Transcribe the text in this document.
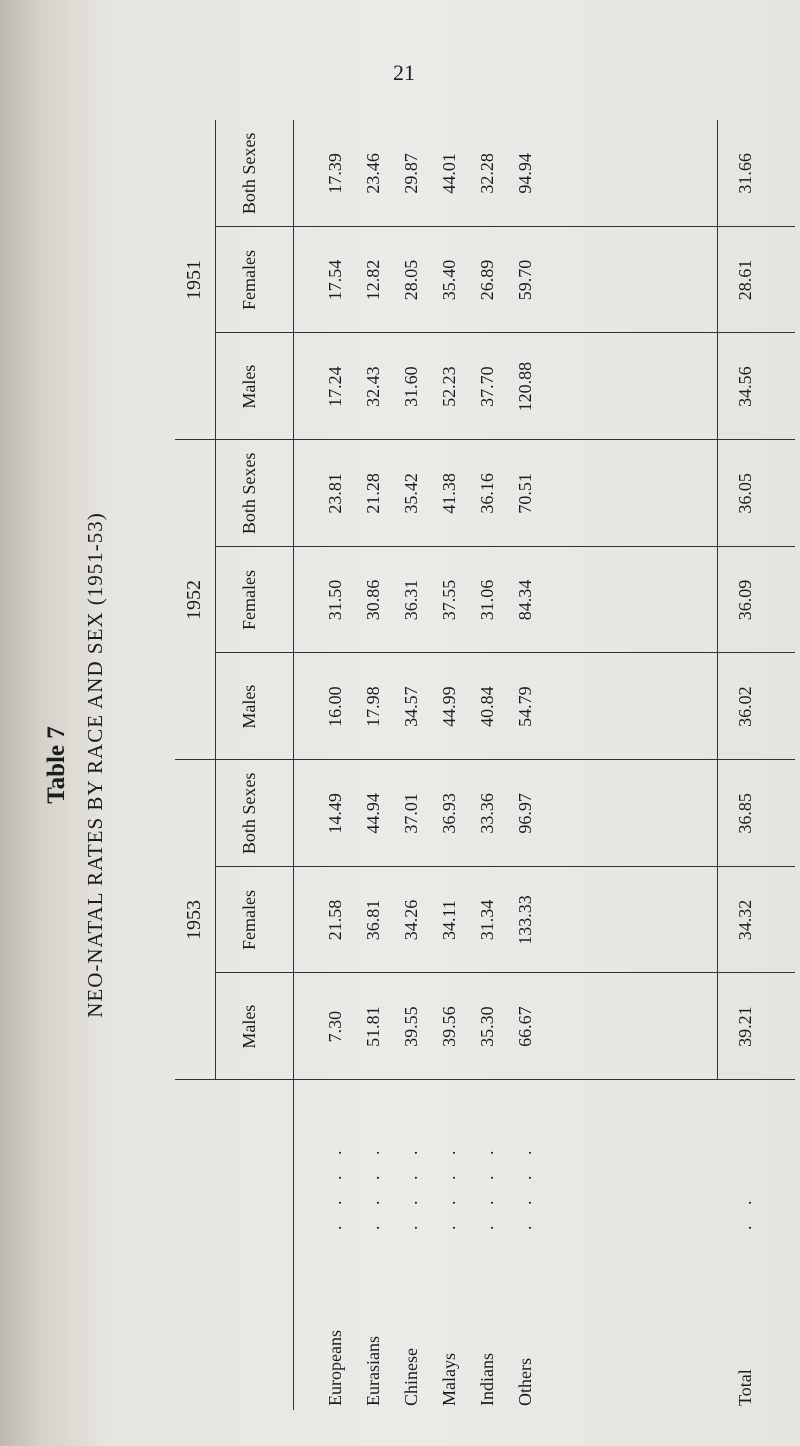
21
Table 7 NEO-NATAL RATES BY RACE AND SEX (1951-53)	1953
Males
Females
Both Sexes
1952
Males
Females
Both Sexes
1951
Males
Females
Both Sexes
Europeans
. . . .
7.30
21.58
14.49
16.00
31.50
23.81
17.24
17.54
17.39
Eurasians
. . . .
51.81
36.81
44.94
17.98
30.86
21.28
32.43
12.82
23.46
Chinese
. . . .
39.55
34.26
37.01
34.57
36.31
35.42
31.60
28.05
29.87
Malays
. . . .
39.56
34.11
36.93
44.99
37.55
41.38
52.23
35.40
44.01
Indians
. . . .
35.30
31.34
33.36
40.84
31.06
36.16
37.70
26.89
32.28
Others
. . . .
66.67
133.33
96.97
54.79
84.34
70.51
120.88
59.70
94.94
Total
. .
39.21
34.32
36.85
36.02
36.09
36.05
34.56
28.61
31.66
